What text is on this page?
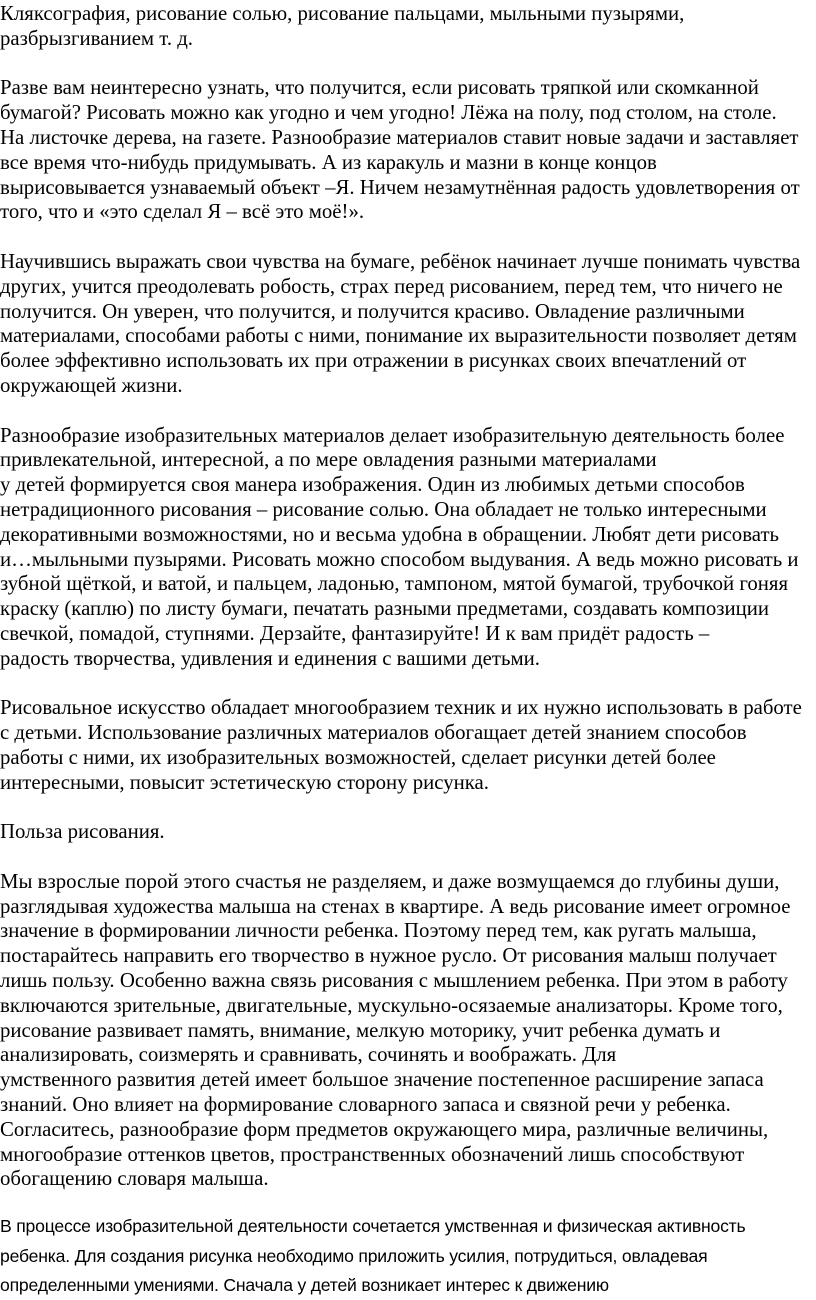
Кляксография, рисование солью, рисование пальцами, мыльными пузырями,
разбрызгиванием т. д.

Разве вам неинтересно узнать, что получится, если рисовать тряпкой или скомканной
бумагой? Рисовать можно как угодно и чем угодно! Лёжа на полу, под столом, на столе.
На листочке дерева, на газете. Разнообразие материалов ставит новые задачи и заставляет
все время что-нибудь придумывать. А из каракуль и мазни в конце концов
вырисовывается узнаваемый объект –Я. Ничем незамутнённая радость удовлетворения от
того, что и «это сделал Я – всё это моё!».

Научившись выражать свои чувства на бумаге, ребёнок начинает лучше понимать чувства
других, учится преодолевать робость, страх перед рисованием, перед тем, что ничего не
получится. Он уверен, что получится, и получится красиво. Овладение различными
материалами, способами работы с ними, понимание их выразительности позволяет детям
более эффективно использовать их при отражении в рисунках своих впечатлений от
окружающей жизни.

Разнообразие изобразительных материалов делает изобразительную деятельность более
привлекательной, интересной, а по мере овладения разными материалами
у детей формируется своя манера изображения. Один из любимых детьми способов
нетрадиционного рисования – рисование солью. Она обладает не только интересными
декоративными возможностями, но и весьма удобна в обращении. Любят дети рисовать
и…мыльными пузырями. Рисовать можно способом выдувания. А ведь можно рисовать и
зубной щёткой, и ватой, и пальцем, ладонью, тампоном, мятой бумагой, трубочкой гоняя
краску (каплю) по листу бумаги, печатать разными предметами, создавать композиции
свечкой, помадой, ступнями. Дерзайте, фантазируйте! И к вам придёт радость –
радость творчества, удивления и единения с вашими детьми.

Рисовальное искусство обладает многообразием техник и их нужно использовать в работе
с детьми. Использование различных материалов обогащает детей знанием способов
работы с ними, их изобразительных возможностей, сделает рисунки детей более
интересными, повысит эстетическую сторону рисунка.

Польза рисования.

Мы взрослые порой этого счастья не разделяем, и даже возмущаемся до глубины души,
разглядывая художества малыша на стенах в квартире. А ведь рисование имеет огромное
значение в формировании личности ребенка. Поэтому перед тем, как ругать малыша,
постарайтесь направить его творчество в нужное русло. От рисования малыш получает
лишь пользу. Особенно важна связь рисования с мышлением ребенка. При этом в работу
включаются зрительные, двигательные, мускульно-осязаемые анализаторы. Кроме того,
рисование развивает память, внимание, мелкую моторику, учит ребенка думать и
анализировать, соизмерять и сравнивать, сочинять и воображать. Для
умственного развития детей имеет большое значение постепенное расширение запаса
знаний. Оно влияет на формирование словарного запаса и связной речи у ребенка.
Согласитесь, разнообразие форм предметов окружающего мира, различные величины,
многообразие оттенков цветов, пространственных обозначений лишь способствуют
обогащению словаря малыша.

В процессе изобразительной деятельности сочетается умственная и физическая активность
ребенка. Для создания рисунка необходимо приложить усилия, потрудиться, овладевая
определенными умениями. Сначала у детей возникает интерес к движению
